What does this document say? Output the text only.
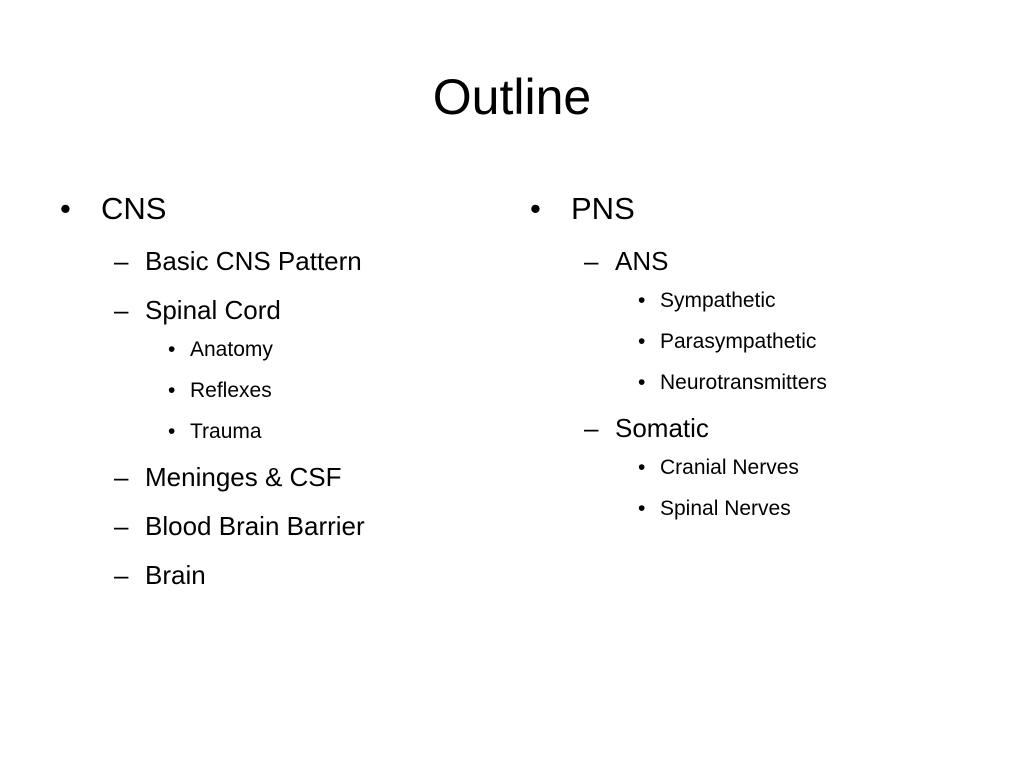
Outline
• CNS
– Basic CNS Pattern
– Spinal Cord
• Anatomy
• Reflexes
• Trauma
– Meninges & CSF
– Blood Brain Barrier
– Brain
• PNS
– ANS
• Sympathetic
• Parasympathetic
• Neurotransmitters
– Somatic
• Cranial Nerves
• Spinal Nerves
